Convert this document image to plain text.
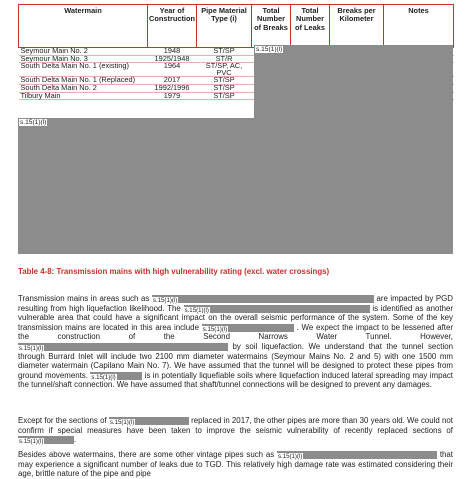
Watermain	Year of Construction	Pipe Material Type (i)	Total Number of Breaks	Total Number of Leaks	Breaks per Kilometer	Notes
Seymour Main No. 2	1948	ST/SP				
Seymour Main No. 3	1925/1948	ST/R				
South Delta Main No. 1 (existing)	1964	ST/SP, AC, PVC				
South Delta Main No. 1 (Replaced)	2017	ST/SP				
South Delta Main No. 2	1992/1996	ST/SP				
Tilbury Main	1979	ST/SP				
s.15(1)(l)
s.15(1)(l)
Table 4-8: Transmission mains with high vulnerability rating (excl. water crossings)
Transmission mains in areas such as s.15(1)(l)	are impacted by PGD resulting from high liquefaction likelihood. The s.15(1)(l)	is identified as another vulnerable area that could have a significant impact on the overall seismic performance of the system. Some of the key transmission mains are located in this area include s.15(1)(l)	. We expect the impact to be lessened after the construction of the Second Narrows Water Tunnel. However, s.15(1)(l)	by soil liquefaction. We understand that the tunnel section through Burrard Inlet will include two 2100 mm diameter watermains (Seymour Mains No. 2 and 5) with one 1500 mm diameter watermain (Capilano Main No. 7). We have assumed that the tunnel will be designed to protect these pipes from ground movements. s.15(1)(l)	is in potentially liquefiable soils where liquefaction induced lateral spreading may impact the tunnel/shaft connection. We have assumed that shaft/tunnel connections will be designed to prevent any damages.
Except for the sections of s.15(1)(l)	replaced in 2017, the other pipes are more than 30 years old. We could not confirm if special measures have been taken to improve the seismic vulnerability of recently replaced sections of s.15(1)(l)	.
Besides above watermains, there are some other vintage pipes such as s.15(1)(l)	that may experience a significant number of leaks due to TGD. This relatively high damage rate was estimated considering their age, brittle nature of the pipe and pipe
